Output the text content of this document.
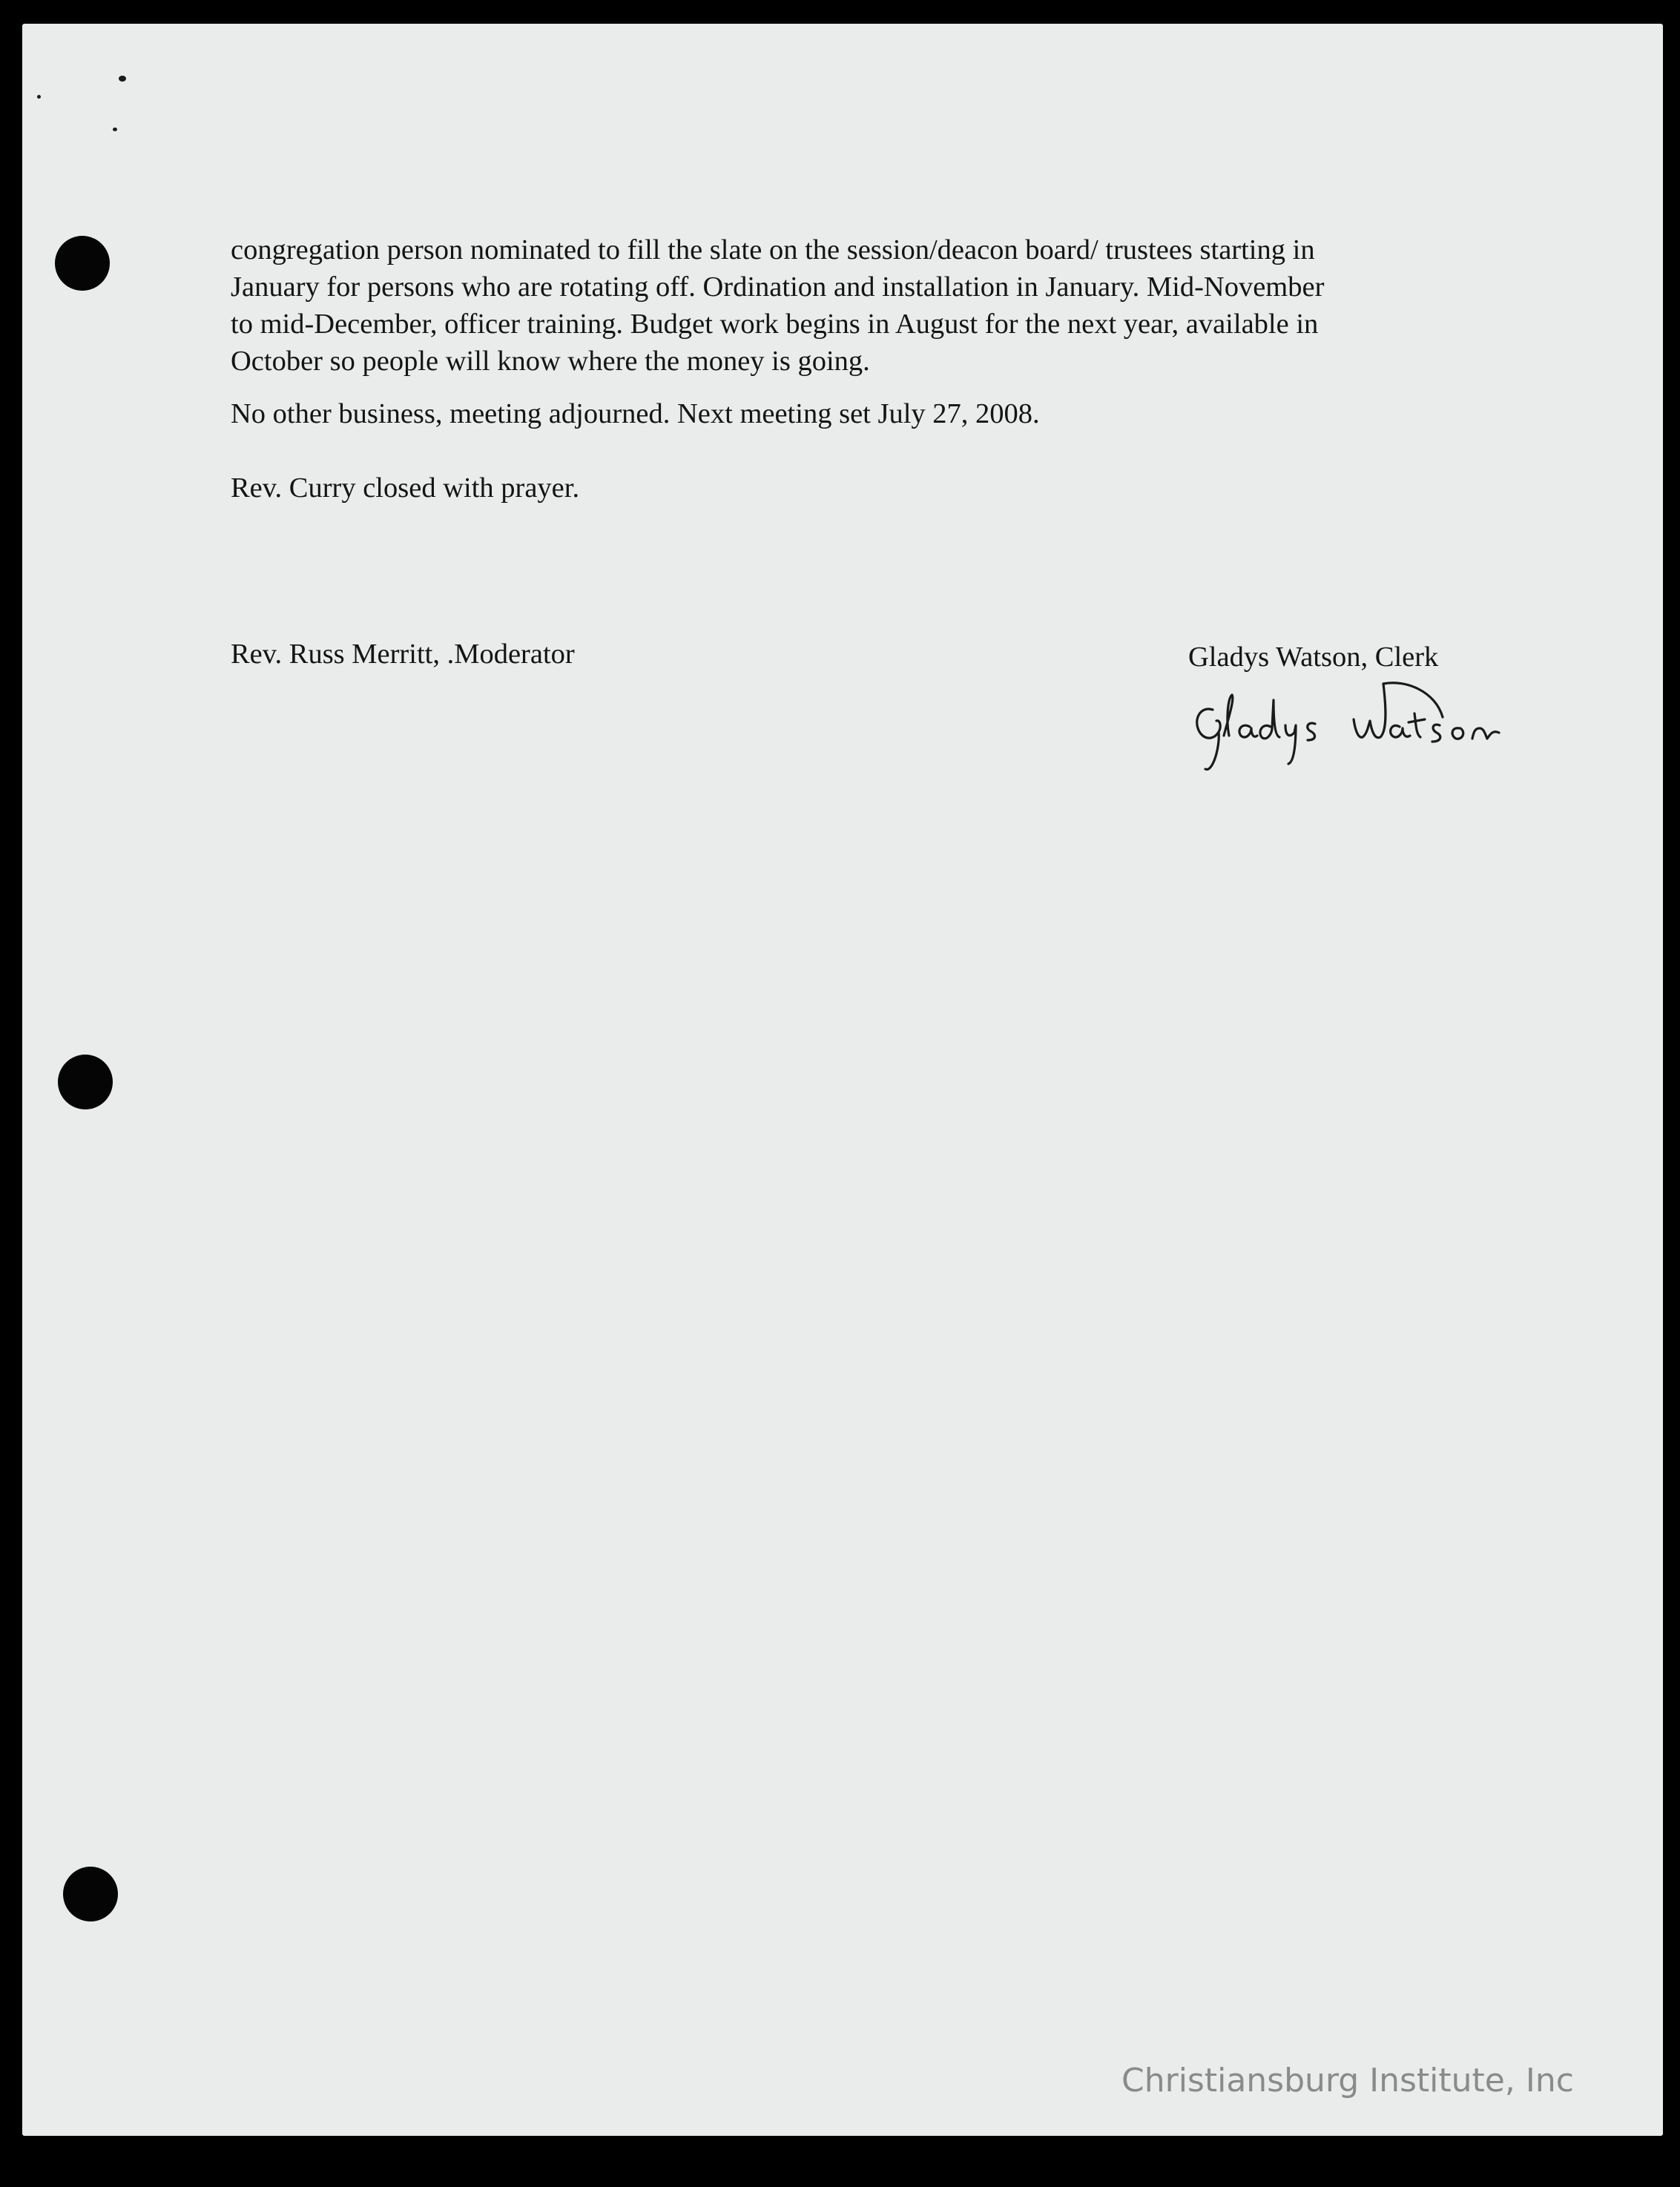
congregation person nominated to fill the slate on the session/deacon board/ trustees starting in
January for persons who are rotating off. Ordination and installation in January. Mid-November
to mid-December, officer training. Budget work begins in August for the next year, available in
October so people will know where the money is going.

No other business, meeting adjourned. Next meeting set July 27, 2008.

Rev. Curry closed with prayer.

Rev. Russ Merritt, .Moderator	Gladys Watson, Clerk
Christiansburg Institute, Inc
